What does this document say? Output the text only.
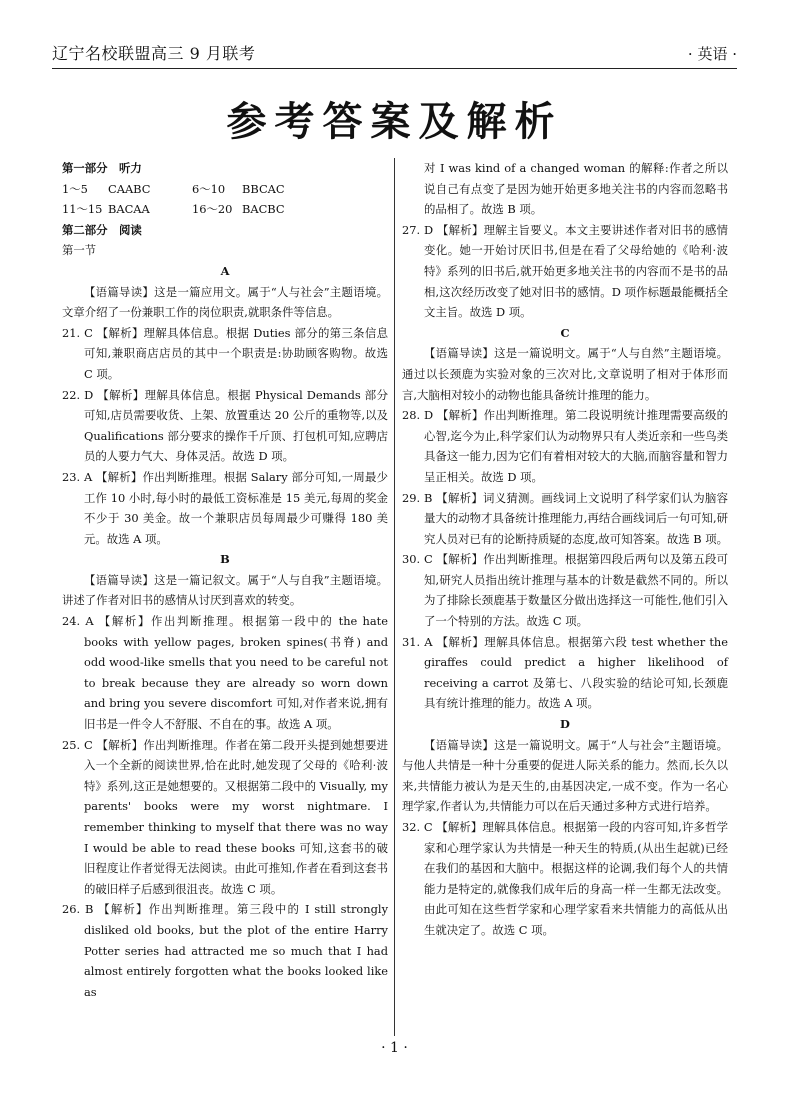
辽宁名校联盟高三 9 月联考	· 英语 ·
参考答案及解析

第一部分　听力

1～5	CAABC	6～10	BBCAC
11～15 BACAA	16～20 BACBC

第二部分　阅读

第一节

A

【语篇导读】这是一篇应用文。属于“人与社会”主题语境。文章介绍了一份兼职工作的岗位职责,就职条件等信息。

21. C 【解析】理解具体信息。根据 Duties 部分的第三条信息可知,兼职商店店员的其中一个职责是:协助顾客购物。故选 C 项。

22. D 【解析】理解具体信息。根据 Physical Demands 部分可知,店员需要收货、上架、放置重达 20 公斤的重物等,以及 Qualifications 部分要求的操作千斤顶、打包机可知,应聘店员的人要力气大、身体灵活。故选 D 项。

23. A 【解析】作出判断推理。根据 Salary 部分可知,一周最少工作 10 小时,每小时的最低工资标准是 15 美元,每周的奖金不少于 30 美金。故一个兼职店员每周最少可赚得 180 美元。故选 A 项。

B

【语篇导读】这是一篇记叙文。属于“人与自我”主题语境。讲述了作者对旧书的感情从讨厌到喜欢的转变。

24. A 【解析】作出判断推理。根据第一段中的 the hate books with yellow pages, broken spines(书脊) and odd wood-like smells that you need to be careful not to break because they are already so worn down and bring you severe discomfort 可知,对作者来说,拥有旧书是一件令人不舒服、不自在的事。故选 A 项。

25. C 【解析】作出判断推理。作者在第二段开头提到她想要进入一个全新的阅读世界,恰在此时,她发现了父母的《哈利·波特》系列,这正是她想要的。又根据第二段中的 Visually, my parents' books were my worst nightmare. I remember thinking to myself that there was no way I would be able to read these books 可知,这套书的破旧程度让作者觉得无法阅读。由此可推知,作者在看到这套书的破旧样子后感到很沮丧。故选 C 项。

26. B 【解析】作出判断推理。第三段中的 I still strongly disliked old books, but the plot of the entire Harry Potter series had attracted me so much that I had almost entirely forgotten what the books looked like as

对 I was kind of a changed woman 的解释:作者之所以说自己有点变了是因为她开始更多地关注书的内容而忽略书的品相了。故选 B 项。

27. D 【解析】理解主旨要义。本文主要讲述作者对旧书的感情变化。她一开始讨厌旧书,但是在看了父母给她的《哈利·波特》系列的旧书后,就开始更多地关注书的内容而不是书的品相,这次经历改变了她对旧书的感情。D 项作标题最能概括全文主旨。故选 D 项。

C

【语篇导读】这是一篇说明文。属于“人与自然”主题语境。通过以长颈鹿为实验对象的三次对比,文章说明了相对于体形而言,大脑相对较小的动物也能具备统计推理的能力。

28. D 【解析】作出判断推理。第二段说明统计推理需要高级的心智,迄今为止,科学家们认为动物界只有人类近亲和一些鸟类具备这一能力,因为它们有着相对较大的大脑,而脑容量和智力呈正相关。故选 D 项。

29. B 【解析】词义猜测。画线词上文说明了科学家们认为脑容量大的动物才具备统计推理能力,再结合画线词后一句可知,研究人员对已有的论断持质疑的态度,故可知答案。故选 B 项。

30. C 【解析】作出判断推理。根据第四段后两句以及第五段可知,研究人员指出统计推理与基本的计数是截然不同的。所以为了排除长颈鹿基于数量区分做出选择这一可能性,他们引入了一个特别的方法。故选 C 项。

31. A 【解析】理解具体信息。根据第六段 test whether the giraffes could predict a higher likelihood of receiving a carrot 及第七、八段实验的结论可知,长颈鹿具有统计推理的能力。故选 A 项。

D

【语篇导读】这是一篇说明文。属于“人与社会”主题语境。与他人共情是一种十分重要的促进人际关系的能力。然而,长久以来,共情能力被认为是天生的,由基因决定,一成不变。作为一名心理学家,作者认为,共情能力可以在后天通过多种方式进行培养。

32. C 【解析】理解具体信息。根据第一段的内容可知,许多哲学家和心理学家认为共情是一种天生的特质,(从出生起就)已经在我们的基因和大脑中。根据这样的论调,我们每个人的共情能力是特定的,就像我们成年后的身高一样一生都无法改变。由此可知在这些哲学家和心理学家看来共情能力的高低从出生就决定了。故选 C 项。

· 1 ·
